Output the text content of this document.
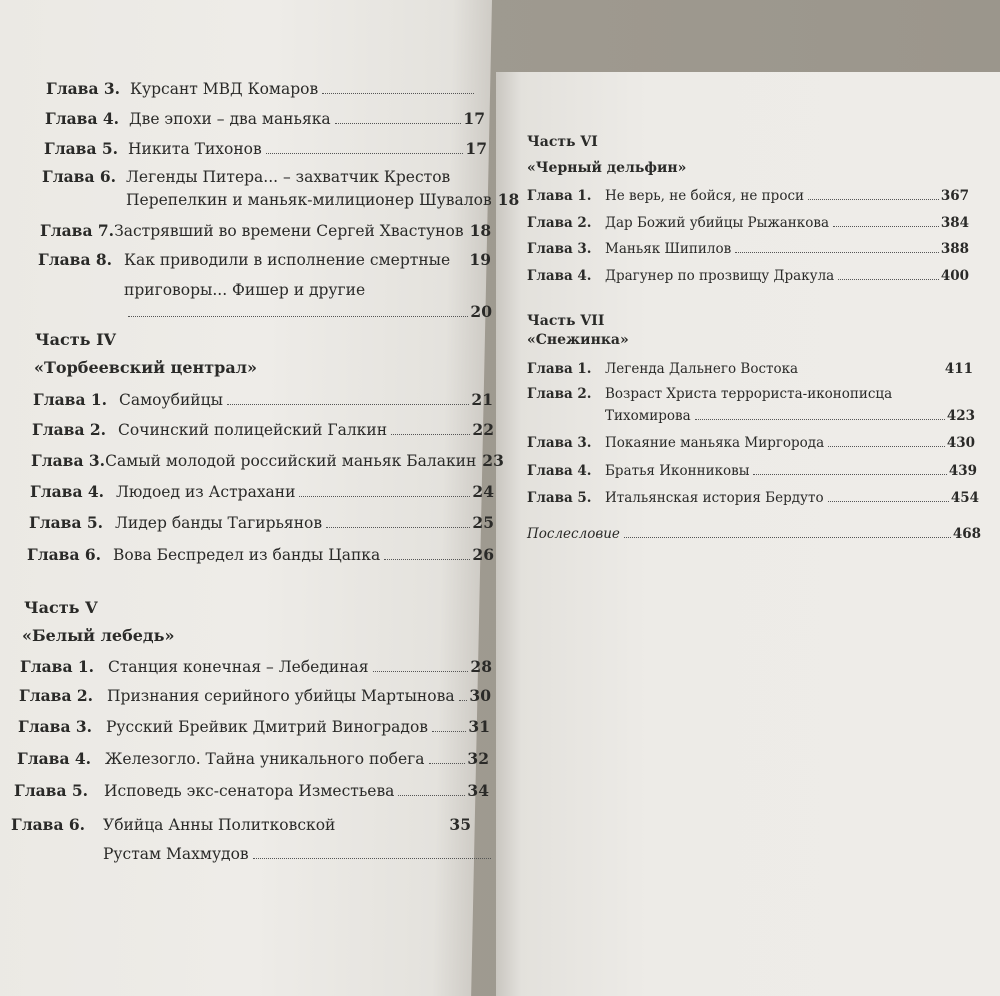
Глава 3. Курсант МВД Комаров
Глава 4. Две эпохи – два маньяка	17
Глава 5. Никита Тихонов	17
Глава 6. Легенды Питера... – захватчик Крестов
Перепелкин и маньяк-милиционер Шувалов 18
Глава 7. Застрявший во времени Сергей Хвастунов 18
Глава 8. Как приводили в исполнение смертные 19
приговоры... Фишер и другие
20
Часть IV
«Торбеевский централ»
Глава 1. Самоубийцы	21
Глава 2. Сочинский полицейский Галкин	22
Глава 3. Самый молодой российский маньяк Балакин 23
Глава 4. Людоед из Астрахани	24
Глава 5. Лидер банды Тагирьянов	25
Глава 6. Вова Беспредел из банды Цапка	26
Часть V
«Белый лебедь»
Глава 1. Станция конечная – Лебединая	28
Глава 2. Признания серийного убийцы Мартынова 30
Глава 3. Русский Брейвик Дмитрий Виноградов	31
Глава 4. Железогло. Тайна уникального побега	32
Глава 5.	Исповедь экс-сенатора Изместьева	34
Глава 6.	Убийца Анны Политковской	35
Рустам Махмудов
Часть VI
«Черный дельфин»
Глава 1. Не верь, не бойся, не проси	367
Глава 2. Дар Божий убийцы Рыжанкова	384
Глава 3. Маньяк Шипилов	388
Глава 4. Драгунер по прозвищу Дракула	400
Часть VII
«Снежинка»
Глава 1. Легенда Дальнего Востока	411
Глава 2. Возраст Христа террориста-иконописца
Тихомирова	423
Глава 3. Покаяние маньяка Миргорода	430
Глава 4. Братья Иконниковы	439
Глава 5. Итальянская история Бердуто	454
Послесловие	468
